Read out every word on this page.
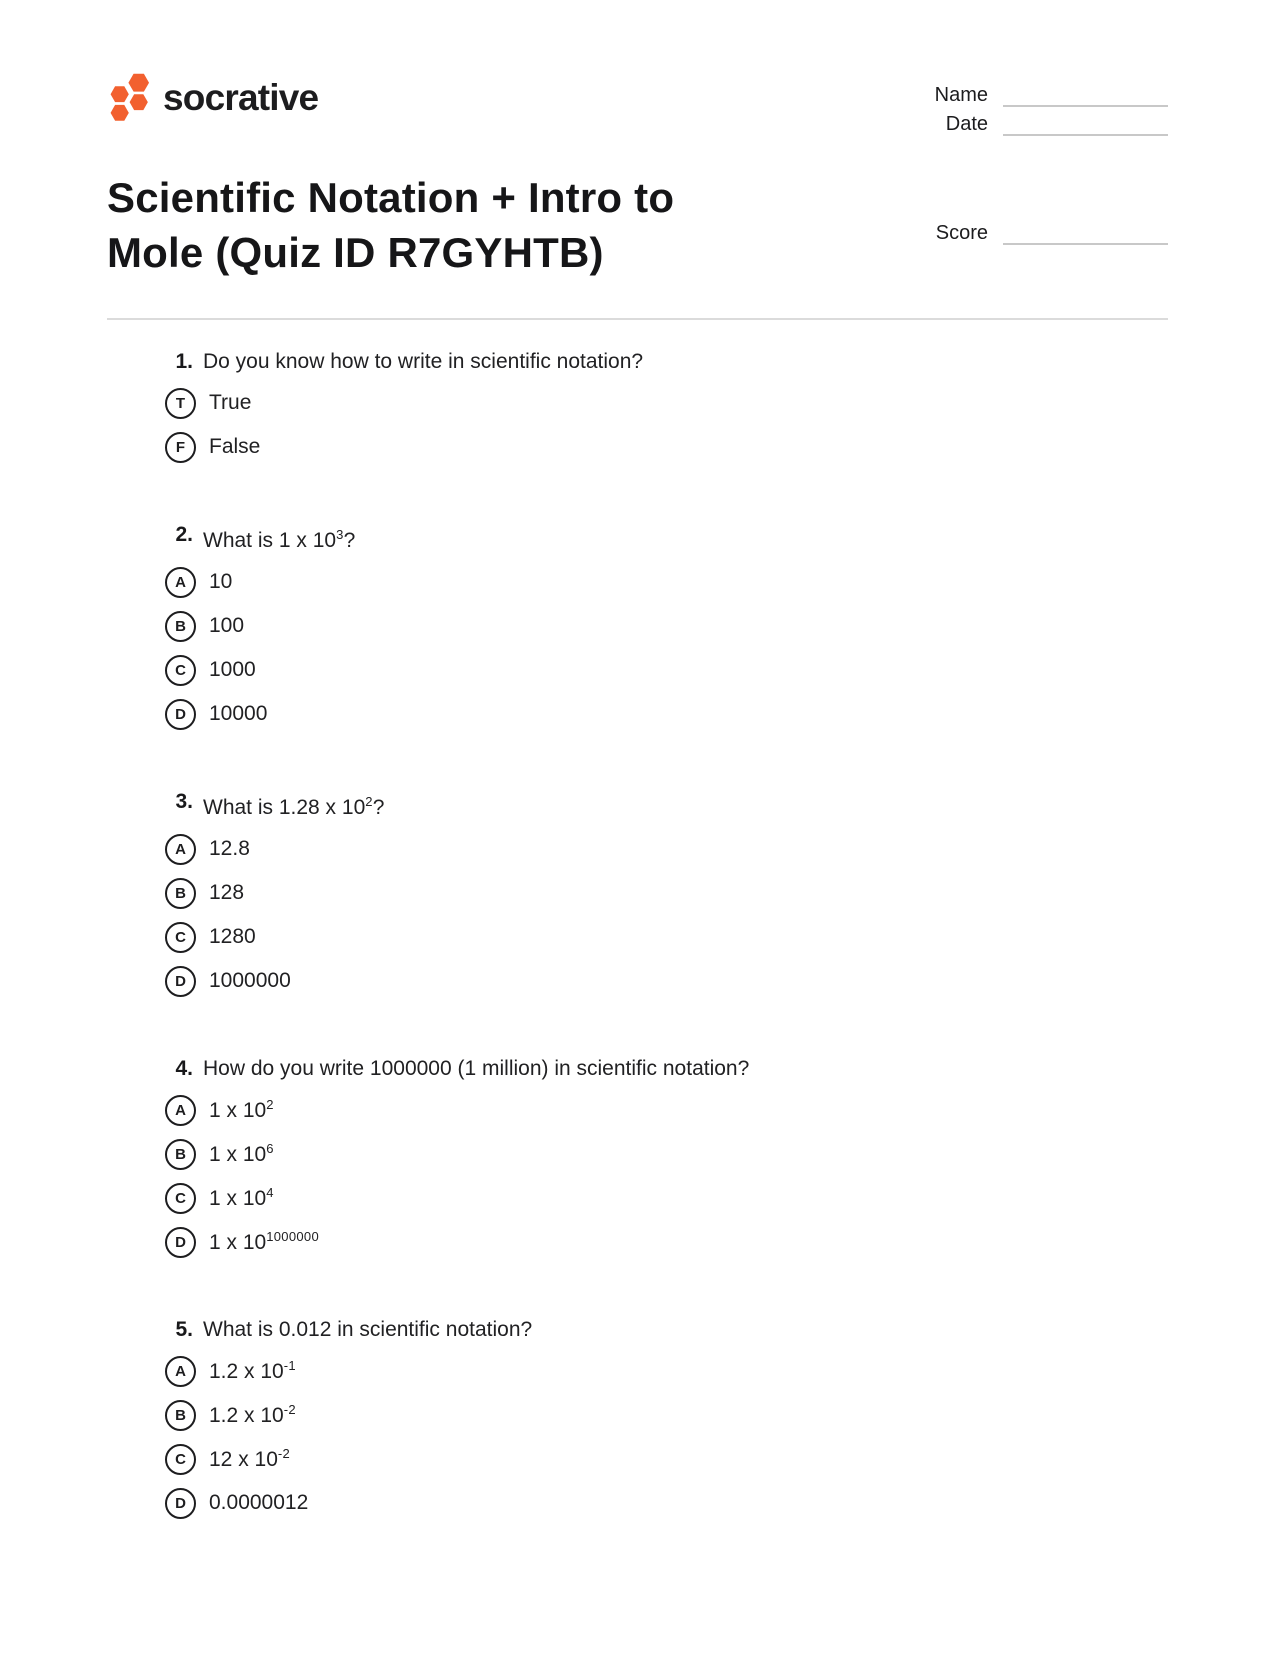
socrative	Name
Date
Scientific Notation + Intro to
Mole (Quiz ID R7GYHTB)	Score
1. Do you know how to write in scientific notation?
T	True
F	False
2. What is 1 x $10^3$?
A	10
B	100
C	1000
D	10000
3. What is 1.28 x $10^2$?
A	12.8
B	128
C	1280
D	1000000
4. How do you write 1000000 (1 million) in scientific notation?
A	1 x $10^2$
B	1 x $10^6$
C	1 x $10^4$
D	1 x $10^{1000000}$
5. What is 0.012 in scientific notation?
A	1.2 x $10^{-1}$
B	1.2 x $10^{-2}$
C	12 x $10^{-2}$
D	0.0000012
